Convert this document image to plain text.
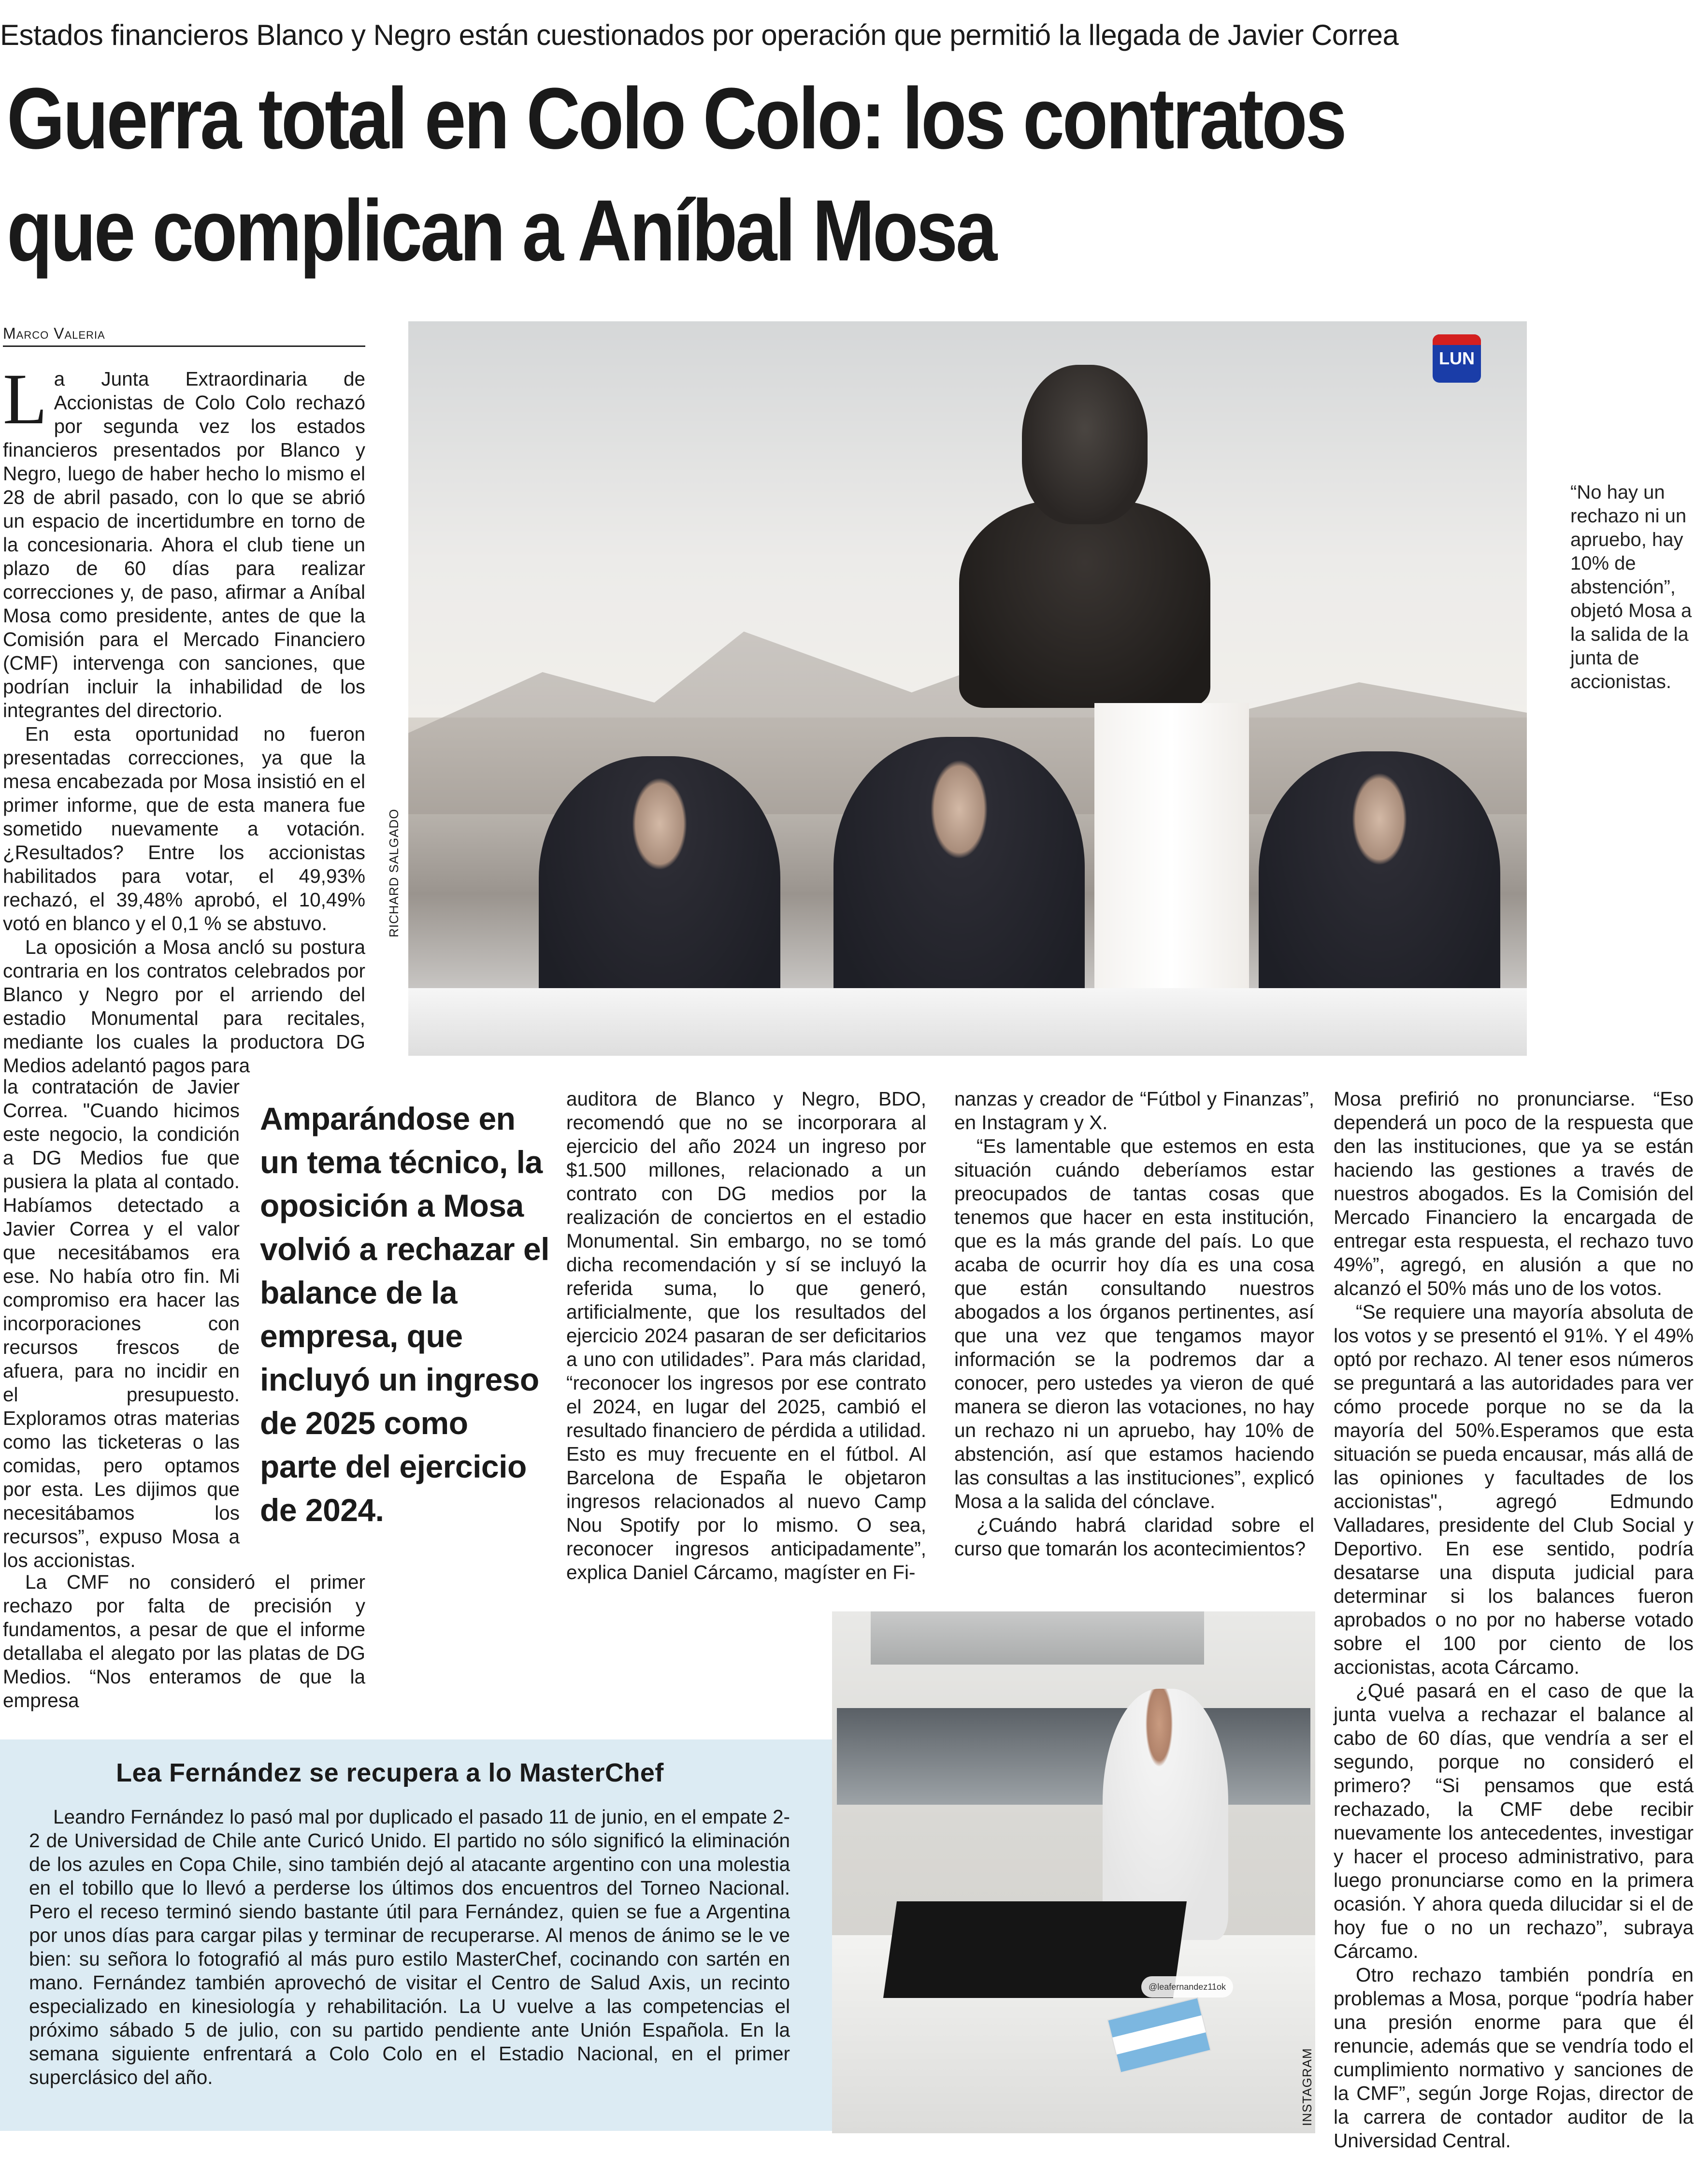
Estados financieros Blanco y Negro están cuestionados por operación que permitió la llegada de Javier Correa
Guerra total en Colo Colo: los contratos
que complican a Aníbal Mosa
Marco Valeria

La Junta Extraordinaria de Accionistas de Colo Colo rechazó por segunda vez los estados financieros presentados por Blanco y Negro, luego de haber hecho lo mismo el 28 de abril pasado, con lo que se abrió un espacio de incertidumbre en torno de la concesionaria. Ahora el club tiene un plazo de 60 días para realizar correcciones y, de paso, afirmar a Aníbal Mosa como presidente, antes de que la Comisión para el Mercado Financiero (CMF) intervenga con sanciones, que podrían incluir la inhabilidad de los integrantes del directorio.

En esta oportunidad no fueron presentadas correcciones, ya que la mesa encabezada por Mosa insistió en el primer informe, que de esta manera fue sometido nuevamente a votación. ¿Resultados? Entre los accionistas habilitados para votar, el 49,93% rechazó, el 39,48% aprobó, el 10,49% votó en blanco y el 0,1 % se abstuvo.

La oposición a Mosa ancló su postura contraria en los contratos celebrados por Blanco y Negro por el arriendo del estadio Monumental para recitales, mediante los cuales la productora DG Medios adelantó pagos para

la contratación de Javier Correa. "Cuando hicimos este negocio, la condición a DG Medios fue que pusiera la plata al contado. Habíamos detectado a Javier Correa y el valor que necesitábamos era ese. No había otro fin. Mi compromiso era hacer las incorporaciones con recursos frescos de afuera, para no incidir en el presupuesto. Exploramos otras materias como las ticketeras o las comidas, pero optamos por esta. Les dijimos que necesitábamos los recursos”, expuso Mosa a los accionistas.

La CMF no consideró el primer rechazo por falta de precisión y fundamentos, a pesar de que el informe detallaba el alegato por las platas de DG Medios. “Nos enteramos de que la empresa

LUN
RICHARD SALGADO
“No hay un rechazo ni un apruebo, hay 10% de abstención”, objetó Mosa a la salida de la junta de accionistas.
Amparándose en un tema técnico, la oposición a Mosa volvió a rechazar el balance de la empresa, que incluyó un ingreso de 2025 como parte del ejercicio de 2024.

auditora de Blanco y Negro, BDO, recomendó que no se incorporara al ejercicio del año 2024 un ingreso por $1.500 millones, relacionado a un contrato con DG medios por la realización de conciertos en el estadio Monumental. Sin embargo, no se tomó dicha recomendación y sí se incluyó la referida suma, lo que generó, artificialmente, que los resultados del ejercicio 2024 pasaran de ser deficitarios a uno con utilidades”. Para más claridad, “reconocer los ingresos por ese contrato el 2024, en lugar del 2025, cambió el resultado financiero de pérdida a utilidad. Esto es muy frecuente en el fútbol. Al Barcelona de España le objetaron ingresos relacionados al nuevo Camp Nou Spotify por lo mismo. O sea, reconocer ingresos anticipadamente”, explica Daniel Cárcamo, magíster en Fi-

nanzas y creador de “Fútbol y Finanzas”, en Instagram y X.

“Es lamentable que estemos en esta situación cuándo deberíamos estar preocupados de tantas cosas que tenemos que hacer en esta institución, que es la más grande del país. Lo que acaba de ocurrir hoy día es una cosa que están consultando nuestros abogados a los órganos pertinentes, así que una vez que tengamos mayor información se la podremos dar a conocer, pero ustedes ya vieron de qué manera se dieron las votaciones, no hay un rechazo ni un apruebo, hay 10% de abstención, así que estamos haciendo las consultas a las instituciones”, explicó Mosa a la salida del cónclave.

¿Cuándo habrá claridad sobre el curso que tomarán los acontecimientos?

Mosa prefirió no pronunciarse. “Eso dependerá un poco de la respuesta que den las instituciones, que ya se están haciendo las gestiones a través de nuestros abogados. Es la Comisión del Mercado Financiero la encargada de entregar esta respuesta, el rechazo tuvo 49%”, agregó, en alusión a que no alcanzó el 50% más uno de los votos.

“Se requiere una mayoría absoluta de los votos y se presentó el 91%. Y el 49% optó por rechazo. Al tener esos números se preguntará a las autoridades para ver cómo procede porque no se da la mayoría del 50%.Esperamos que esta situación se pueda encausar, más allá de las opiniones y facultades de los accionistas", agregó Edmundo Valladares, presidente del Club Social y Deportivo. En ese sentido, podría desatarse una disputa judicial para determinar si los balances fueron aprobados o no por no haberse votado sobre el 100 por ciento de los accionistas, acota Cárcamo.

¿Qué pasará en el caso de que la junta vuelva a rechazar el balance al cabo de 60 días, que vendría a ser el segundo, porque no consideró el primero? “Si pensamos que está rechazado, la CMF debe recibir nuevamente los antecedentes, investigar y hacer el proceso administrativo, para luego pronunciarse como en la primera ocasión. Y ahora queda dilucidar si el de hoy fue o no un rechazo”, subraya Cárcamo.

Otro rechazo también pondría en problemas a Mosa, porque “podría haber una presión enorme para que él renuncie, además que se vendría todo el cumplimiento normativo y sanciones de la CMF”, según Jorge Rojas, director de la carrera de contador auditor de la Universidad Central.

Lea Fernández se recupera a lo MasterChef

Leandro Fernández lo pasó mal por duplicado el pasado 11 de junio, en el empate 2-2 de Universidad de Chile ante Curicó Unido. El partido no sólo significó la eliminación de los azules en Copa Chile, sino también dejó al atacante argentino con una molestia en el tobillo que lo llevó a perderse los últimos dos encuentros del Torneo Nacional. Pero el receso terminó siendo bastante útil para Fernández, quien se fue a Argentina por unos días para cargar pilas y terminar de recuperarse. Al menos de ánimo se le ve bien: su señora lo fotografió al más puro estilo MasterChef, cocinando con sartén en mano. Fernández también aprovechó de visitar el Centro de Salud Axis, un recinto especializado en kinesiología y rehabilitación. La U vuelve a las competencias el próximo sábado 5 de julio, con su partido pendiente ante Unión Española. En la semana siguiente enfrentará a Colo Colo en el Estadio Nacional, en el primer superclásico del año.

@leafernandez11ok
INSTAGRAM
